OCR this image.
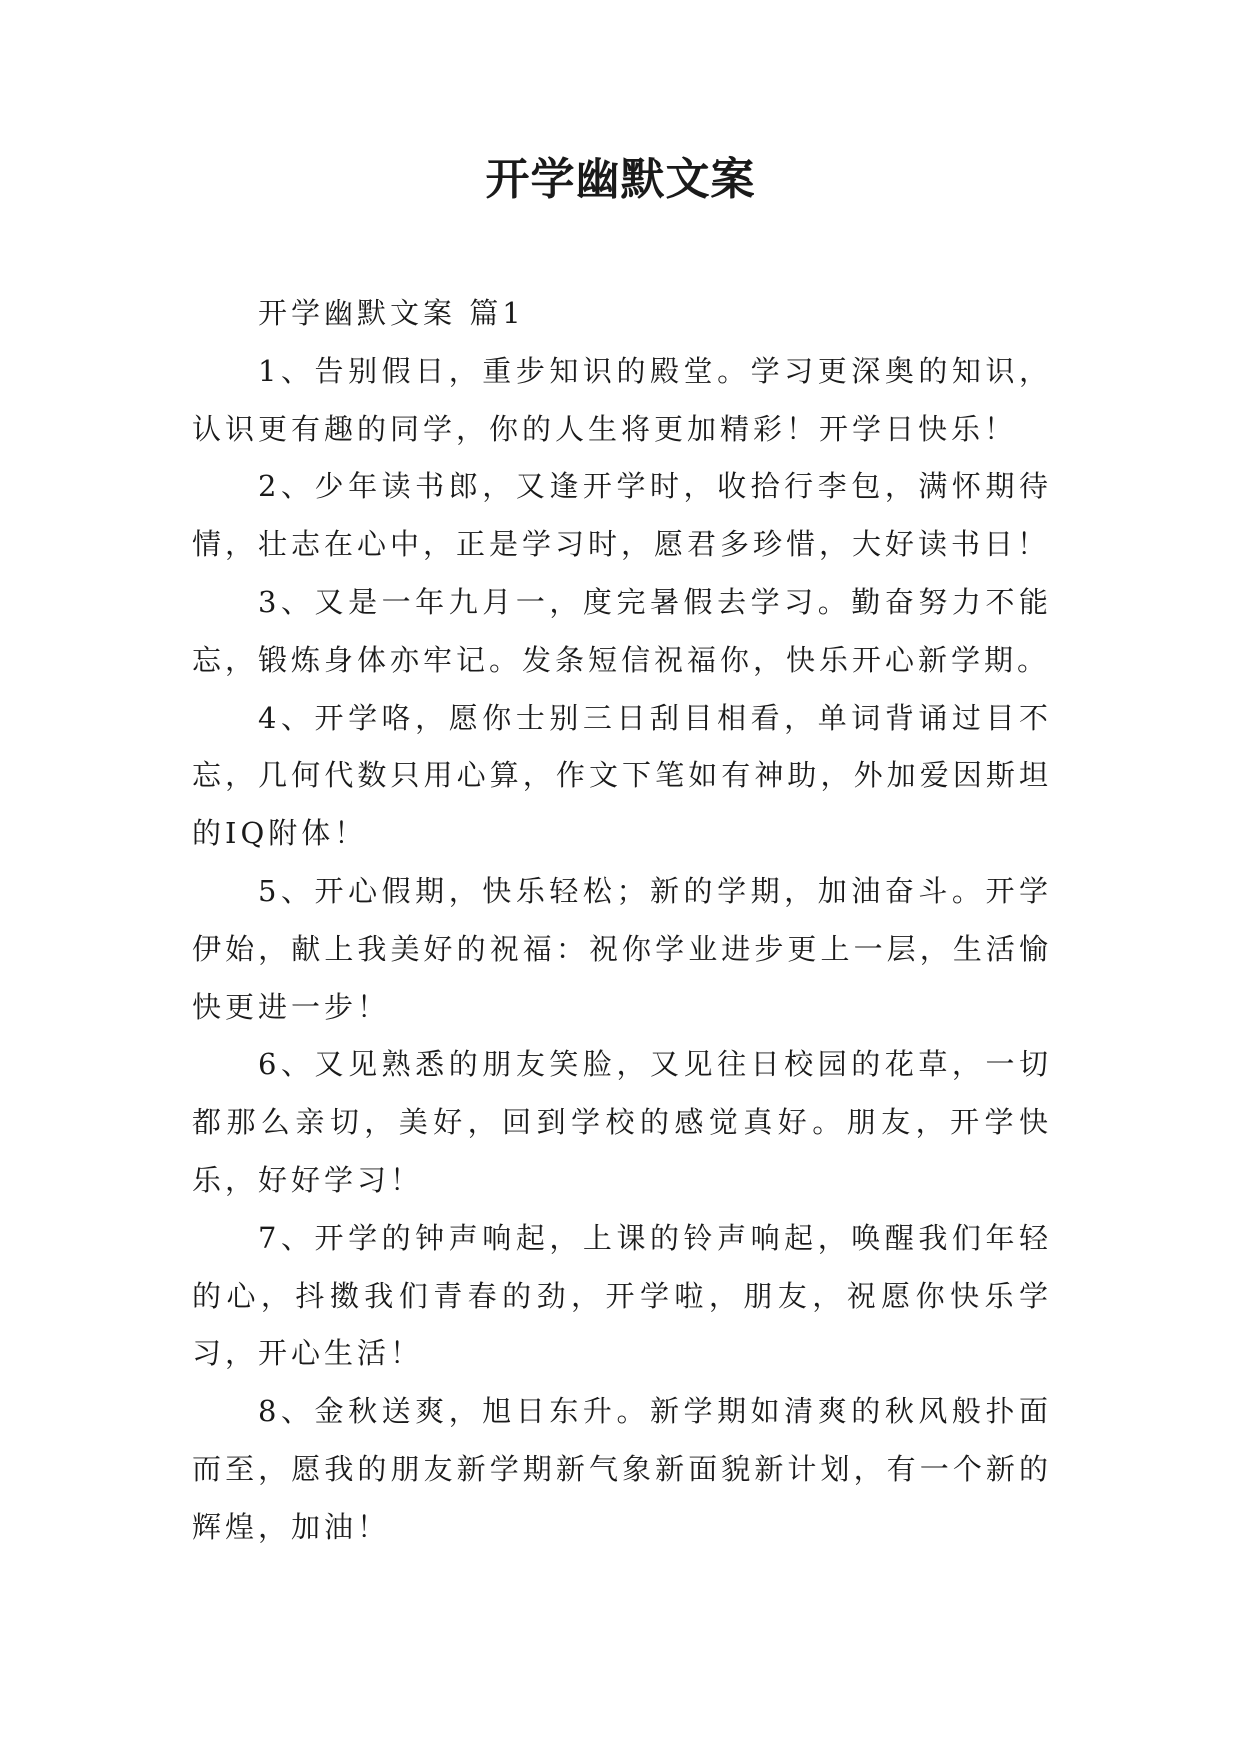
开学幽默文案

开学幽默文案 篇1

1、告别假日，重步知识的殿堂。学习更深奥的知识，认识更有趣的同学，你的人生将更加精彩！开学日快乐！

2、少年读书郎，又逢开学时，收拾行李包，满怀期待情，壮志在心中，正是学习时，愿君多珍惜，大好读书日！

3、又是一年九月一，度完暑假去学习。勤奋努力不能忘，锻炼身体亦牢记。发条短信祝福你，快乐开心新学期。

4、开学咯，愿你士别三日刮目相看，单词背诵过目不忘，几何代数只用心算，作文下笔如有神助，外加爱因斯坦的IQ附体！

5、开心假期，快乐轻松；新的学期，加油奋斗。开学伊始，献上我美好的祝福：祝你学业进步更上一层，生活愉快更进一步！

6、又见熟悉的朋友笑脸，又见往日校园的花草，一切都那么亲切，美好，回到学校的感觉真好。朋友，开学快乐，好好学习！

7、开学的钟声响起，上课的铃声响起，唤醒我们年轻的心，抖擞我们青春的劲，开学啦，朋友，祝愿你快乐学习，开心生活！

8、金秋送爽，旭日东升。新学期如清爽的秋风般扑面而至，愿我的朋友新学期新气象新面貌新计划，有一个新的辉煌，加油！
